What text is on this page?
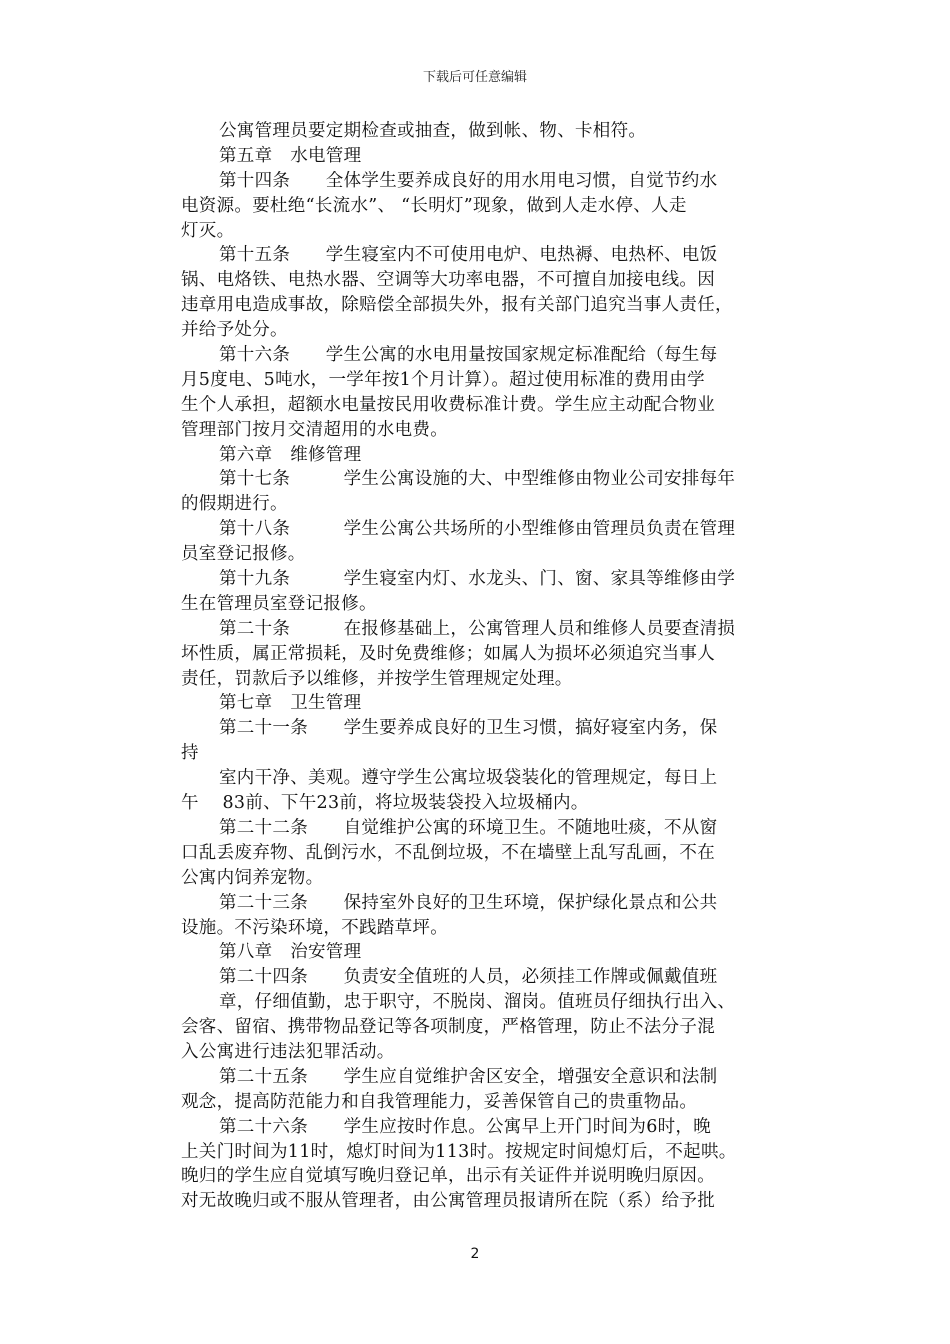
下载后可任意编辑
公寓管理员要定期检查或抽查，做到帐、物、卡相符。
第五章　水电管理
第十四条　　全体学生要养成良好的用水用电习惯，自觉节约水
电资源。要杜绝“长流水”、 “长明灯”现象，做到人走水停、人走
灯灭。
第十五条　　学生寝室内不可使用电炉、电热褥、电热杯、电饭
锅、电烙铁、电热水器、空调等大功率电器，不可擅自加接电线。因
违章用电造成事故，除赔偿全部损失外，报有关部门追究当事人责任，
并给予处分。
第十六条　　学生公寓的水电用量按国家规定标准配给（每生每
月5度电、5吨水，一学年按1个月计算）。超过使用标准的费用由学
生个人承担，超额水电量按民用收费标准计费。学生应主动配合物业
管理部门按月交清超用的水电费。
第六章　维修管理
第十七条　　　学生公寓设施的大、中型维修由物业公司安排每年
的假期进行。
第十八条　　　学生公寓公共场所的小型维修由管理员负责在管理
员室登记报修。
第十九条　　　学生寝室内灯、水龙头、门、窗、家具等维修由学
生在管理员室登记报修。
第二十条　　　在报修基础上，公寓管理人员和维修人员要查清损
坏性质，属正常损耗，及时免费维修；如属人为损坏必须追究当事人
责任，罚款后予以维修，并按学生管理规定处理。
第七章　卫生管理
第二十一条　　学生要养成良好的卫生习惯，搞好寝室内务，保
持
室内干净、美观。遵守学生公寓垃圾袋装化的管理规定，每日上
午　 83前、下午23前，将垃圾装袋投入垃圾桶内。
第二十二条　　自觉维护公寓的环境卫生。不随地吐痰，不从窗
口乱丢废弃物、乱倒污水，不乱倒垃圾，不在墙壁上乱写乱画，不在
公寓内饲养宠物。
第二十三条　　保持室外良好的卫生环境，保护绿化景点和公共
设施。不污染环境，不践踏草坪。
第八章　治安管理
第二十四条　　负责安全值班的人员，必须挂工作牌或佩戴值班
章，仔细值勤，忠于职守，不脱岗、溜岗。值班员仔细执行出入、
会客、留宿、携带物品登记等各项制度，严格管理，防止不法分子混
入公寓进行违法犯罪活动。
第二十五条　　学生应自觉维护舍区安全，增强安全意识和法制
观念，提高防范能力和自我管理能力，妥善保管自己的贵重物品。
第二十六条　　学生应按时作息。公寓早上开门时间为6时，晚
上关门时间为11时，熄灯时间为113时。按规定时间熄灯后，不起哄。
晚归的学生应自觉填写晚归登记单，出示有关证件并说明晚归原因。
对无故晚归或不服从管理者，由公寓管理员报请所在院（系）给予批
2
